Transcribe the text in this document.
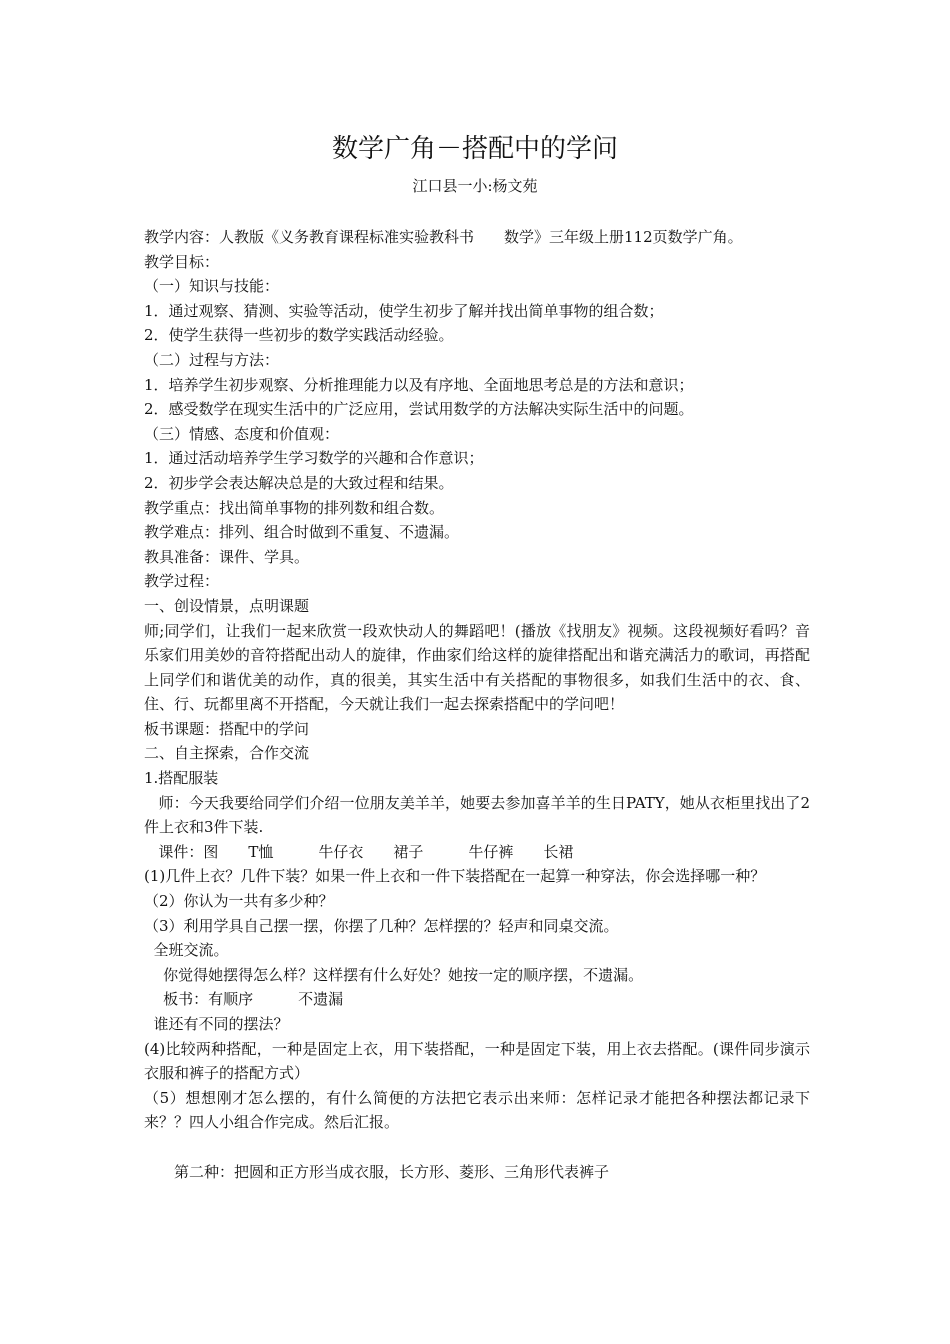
数学广角－搭配中的学问
江口县一小:杨文苑

教学内容：人教版《义务教育课程标准实验教科书　　数学》三年级上册112页数学广角。

教学目标：

（一）知识与技能：

1．通过观察、猜测、实验等活动，使学生初步了解并找出简单事物的组合数；

2．使学生获得一些初步的数学实践活动经验。

（二）过程与方法：

1．培养学生初步观察、分析推理能力以及有序地、全面地思考总是的方法和意识；

2．感受数学在现实生活中的广泛应用，尝试用数学的方法解决实际生活中的问题。

（三）情感、态度和价值观：

1．通过活动培养学生学习数学的兴趣和合作意识；

2．初步学会表达解决总是的大致过程和结果。

教学重点：找出简单事物的排列数和组合数。

教学难点：排列、组合时做到不重复、不遗漏。

教具准备：课件、学具。

教学过程：

一、创设情景，点明课题

师;同学们，让我们一起来欣赏一段欢快动人的舞蹈吧！(播放《找朋友》视频。这段视频好看吗？音乐家们用美妙的音符搭配出动人的旋律，作曲家们给这样的旋律搭配出和谐充满活力的歌词，再搭配上同学们和谐优美的动作，真的很美，其实生活中有关搭配的事物很多，如我们生活中的衣、食、住、行、玩都里离不开搭配，今天就让我们一起去探索搭配中的学问吧！

板书课题：搭配中的学问

二、自主探索，合作交流

1.搭配服装

师：今天我要给同学们介绍一位朋友美羊羊，她要去参加喜羊羊的生日PATY，她从衣柜里找出了2件上衣和3件下装.

课件：图　　T恤　　　牛仔衣　　裙子　　　牛仔裤　　长裙

(1)几件上衣？几件下装？如果一件上衣和一件下装搭配在一起算一种穿法，你会选择哪一种？

（2）你认为一共有多少种？

（3）利用学具自己摆一摆，你摆了几种？怎样摆的？轻声和同桌交流。

全班交流。

你觉得她摆得怎么样？这样摆有什么好处？她按一定的顺序摆，不遗漏。

板书：有顺序　　　不遗漏

谁还有不同的摆法？

(4)比较两种搭配，一种是固定上衣，用下装搭配，一种是固定下装，用上衣去搭配。(课件同步演示衣服和裤子的搭配方式）

（5）想想刚才怎么摆的，有什么简便的方法把它表示出来师：怎样记录才能把各种摆法都记录下来？？四人小组合作完成。然后汇报。

　　第二种：把圆和正方形当成衣服，长方形、菱形、三角形代表裤子
